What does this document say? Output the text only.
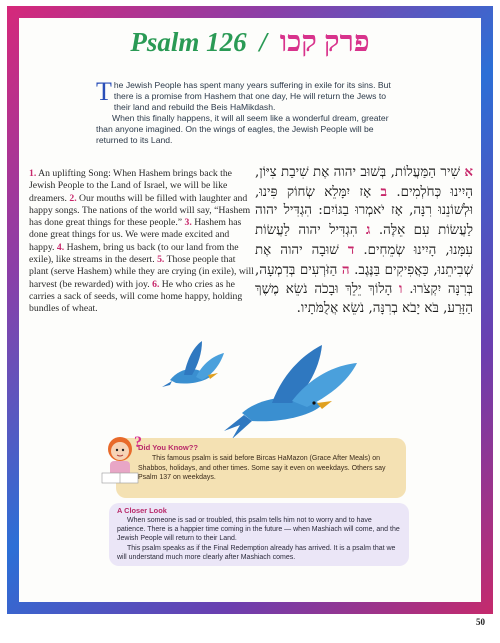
Psalm 126 / פרק קכו

T he Jewish People has spent many years suffering in exile for its sins. But there is a promise from Hashem that one day, He will return the Jews to their land and rebuild the Beis HaMikdash.

When this finally happens, it will all seem like a wonderful dream, greater than anyone imagined. On the wings of eagles, the Jewish People will be returned to its Land.

1. An uplifting Song: When Hashem brings back the Jewish People to the Land of Israel, we will be like dreamers. 2. Our mouths will be filled with laughter and happy songs. The nations of the world will say, “Hashem has done great things for these people.” 3. Hashem has done great things for us. We were made excited and happy. 4. Hashem, bring us back (to our land from the exile), like streams in the desert. 5. Those people that plant (serve Hashem) while they are crying (in exile), will harvest (be rewarded) with joy. 6. He who cries as he carries a sack of seeds, will come home happy, holding bundles of wheat.
א שִׁיר הַמַּעֲלוֹת, בְּשׁוּב יהוה אֶת שִׁיבַת צִיּוֹן, הָיִינוּ כְּחֹלְמִים. ב אָז יִמָּלֵא שְׂחוֹק פִּינוּ, וּלְשׁוֹנֵנוּ רִנָּה, אָז יֹאמְרוּ בַגּוֹיִם: הִגְדִּיל יהוה לַעֲשׂוֹת עִם אֵלֶּה. ג הִגְדִּיל יהוה לַעֲשׂוֹת עִמָּנוּ, הָיִינוּ שְׂמֵחִים. ד שׁוּבָה יהוה אֶת שְׁבִיתֵנוּ, כַּאֲפִיקִים בַּנֶּגֶב. ה הַזֹּרְעִים בְּדִמְעָה, בְּרִנָּה יִקְצֹרוּ. ו הָלוֹךְ יֵלֵךְ וּבָכֹה נֹשֵׂא מֶשֶׁךְ הַזָּרַע, בֹּא יָבֹא בְרִנָּה, נֹשֵׂא אֲלֻמֹּתָיו.
Did You Know??
This famous psalm is said before Bircas HaMazon (Grace After Meals) on Shabbos, holidays, and other times. Some say it even on weekdays. Others say Psalm 137 on weekdays.
?
A Closer Look

When someone is sad or troubled, this psalm tells him not to worry and to have patience. There is a happier time coming in the future — when Mashiach will come, and the Jewish People will return to their Land.

This psalm speaks as if the Final Redemption already has arrived. It is a psalm that we will understand much more clearly after Mashiach comes.

50
